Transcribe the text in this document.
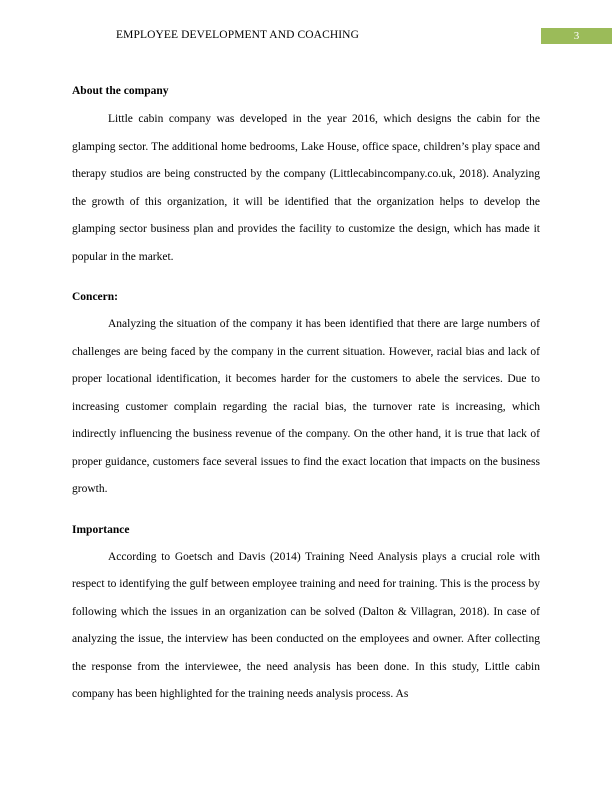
EMPLOYEE DEVELOPMENT AND COACHING	3

About the company

Little cabin company was developed in the year 2016, which designs the cabin for the glamping sector. The additional home bedrooms, Lake House, office space, children’s play space and therapy studios are being constructed by the company (Littlecabincompany.co.uk, 2018). Analyzing the growth of this organization, it will be identified that the organization helps to develop the glamping sector business plan and provides the facility to customize the design, which has made it popular in the market.

Concern:

Analyzing the situation of the company it has been identified that there are large numbers of challenges are being faced by the company in the current situation. However, racial bias and lack of proper locational identification, it becomes harder for the customers to abele the services. Due to increasing customer complain regarding the racial bias, the turnover rate is increasing, which indirectly influencing the business revenue of the company. On the other hand, it is true that lack of proper guidance, customers face several issues to find the exact location that impacts on the business growth.

Importance

According to Goetsch and Davis (2014) Training Need Analysis plays a crucial role with respect to identifying the gulf between employee training and need for training. This is the process by following which the issues in an organization can be solved (Dalton & Villagran, 2018). In case of analyzing the issue, the interview has been conducted on the employees and owner. After collecting the response from the interviewee, the need analysis has been done. In this study, Little cabin company has been highlighted for the training needs analysis process. As
